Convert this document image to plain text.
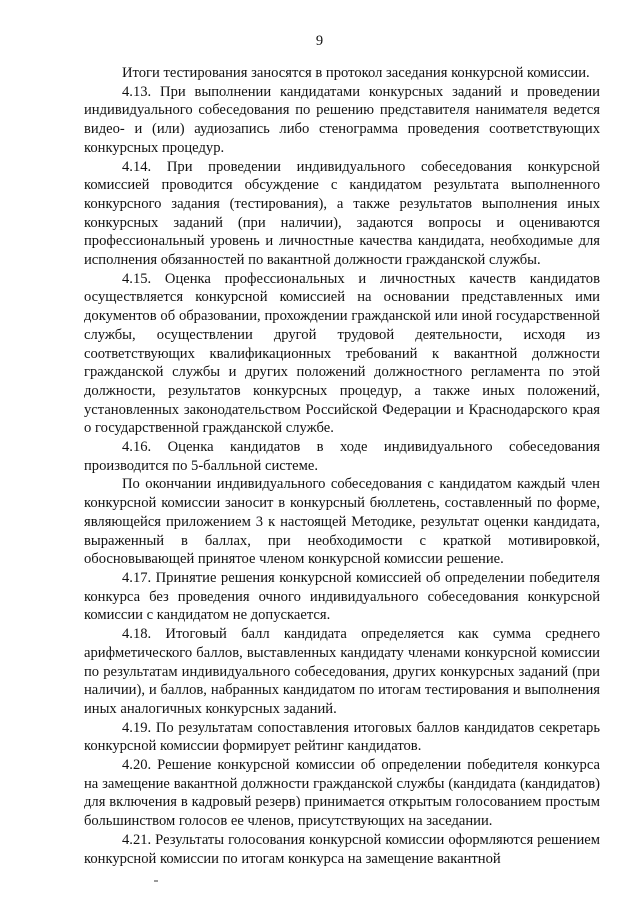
9

Итоги тестирования заносятся в протокол заседания конкурсной комиссии.

4.13. При выполнении кандидатами конкурсных заданий и проведении индивидуального собеседования по решению представителя нанимателя ведется видео- и (или) аудиозапись либо стенограмма проведения соответствующих конкурсных процедур.

4.14. При проведении индивидуального собеседования конкурсной комиссией проводится обсуждение с кандидатом результата выполненного конкурсного задания (тестирования), а также результатов выполнения иных конкурсных заданий (при наличии), задаются вопросы и оцениваются профессиональный уровень и личностные качества кандидата, необходимые для исполнения обязанностей по вакантной должности гражданской службы.

4.15. Оценка профессиональных и личностных качеств кандидатов осуществляется конкурсной комиссией на основании представленных ими документов об образовании, прохождении гражданской или иной государственной службы, осуществлении другой трудовой деятельности, исходя из соответствующих квалификационных требований к вакантной должности гражданской службы и других положений должностного регламента по этой должности, результатов конкурсных процедур, а также иных положений, установленных законодательством Российской Федерации и Краснодарского края о государственной гражданской службе.

4.16. Оценка кандидатов в ходе индивидуального собеседования производится по 5-балльной системе.

По окончании индивидуального собеседования с кандидатом каждый член конкурсной комиссии заносит в конкурсный бюллетень, составленный по форме, являющейся приложением 3 к настоящей Методике, результат оценки кандидата, выраженный в баллах, при необходимости с краткой мотивировкой, обосновывающей принятое членом конкурсной комиссии решение.

4.17. Принятие решения конкурсной комиссией об определении победителя конкурса без проведения очного индивидуального собеседования конкурсной комиссии с кандидатом не допускается.

4.18. Итоговый балл кандидата определяется как сумма среднего арифметического баллов, выставленных кандидату членами конкурсной комиссии по результатам индивидуального собеседования, других конкурсных заданий (при наличии), и баллов, набранных кандидатом по итогам тестирования и выполнения иных аналогичных конкурсных заданий.

4.19. По результатам сопоставления итоговых баллов кандидатов секретарь конкурсной комиссии формирует рейтинг кандидатов.

4.20. Решение конкурсной комиссии об определении победителя конкурса на замещение вакантной должности гражданской службы (кандидата (кандидатов) для включения в кадровый резерв) принимается открытым голосованием простым большинством голосов ее членов, присутствующих на заседании.

4.21. Результаты голосования конкурсной комиссии оформляются решением конкурсной комиссии по итогам конкурса на замещение вакантной
